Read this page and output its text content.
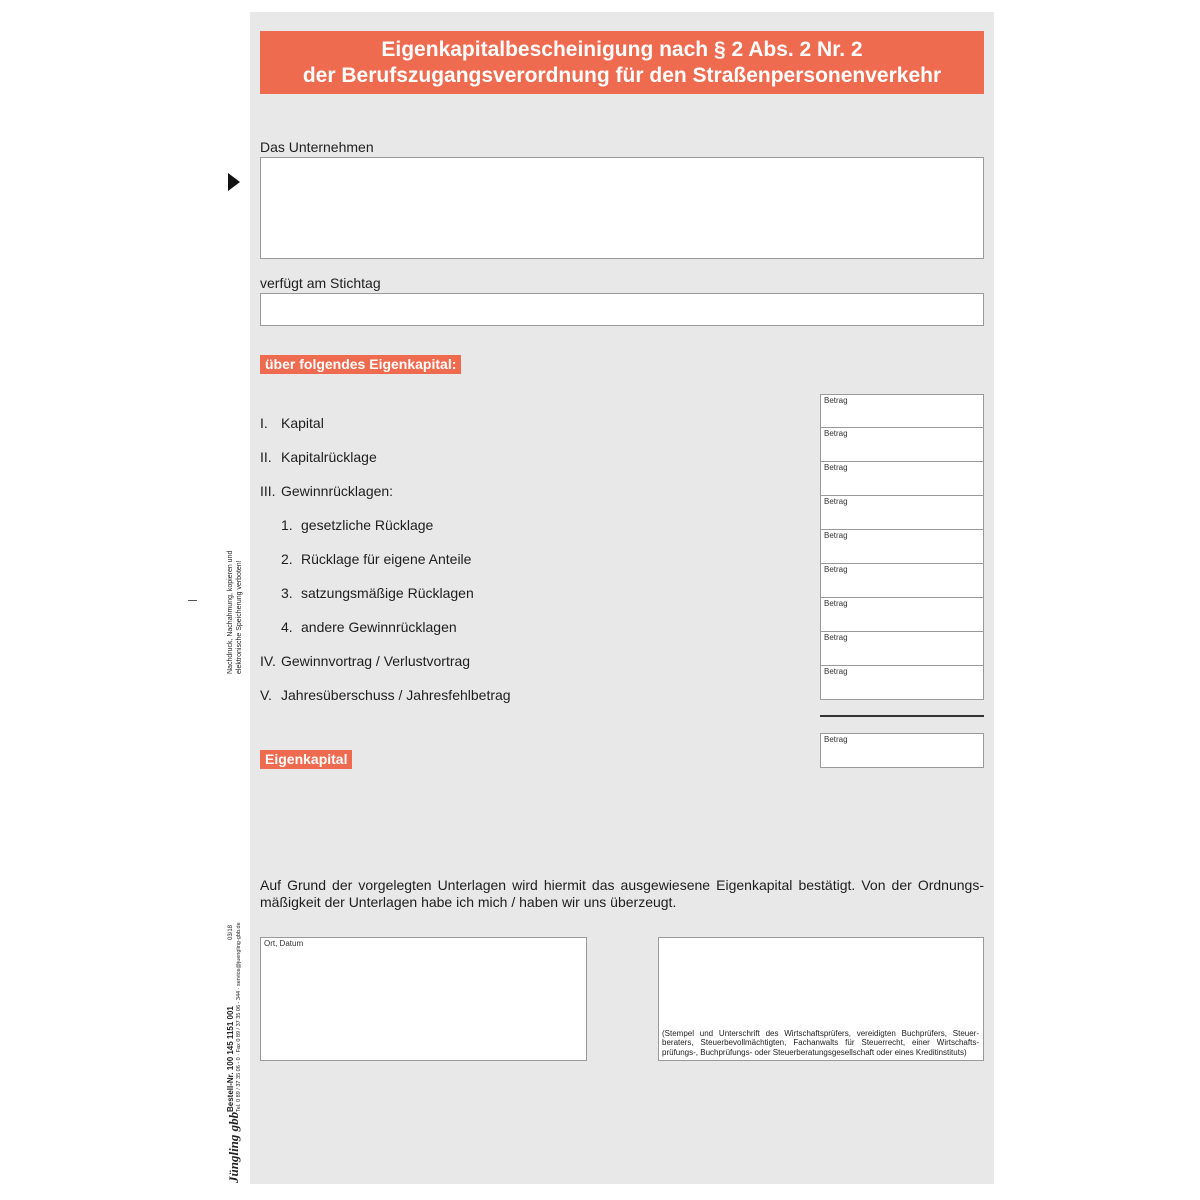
Eigenkapitalbescheinigung nach § 2 Abs. 2 Nr. 2
der Berufszugangsverordnung für den Straßenpersonenverkehr
Das Unternehmen
verfügt am Stichtag
über folgendes Eigenkapital:
I. Kapital
II. Kapitalrücklage
III. Gewinnrücklagen:
1. gesetzliche Rücklage
2. Rücklage für eigene Anteile
3. satzungsmäßige Rücklagen
4. andere Gewinnrücklagen
IV. Gewinnvortrag / Verlustvortrag
V. Jahresüberschuss / Jahresfehlbetrag
Betrag
Betrag
Betrag
Betrag
Betrag
Betrag
Betrag
Betrag
Betrag
Betrag
Eigenkapital
Auf Grund der vorgelegten Unterlagen wird hiermit das ausgewiesene Eigenkapital bestätigt. Von der Ordnungs-mäßigkeit der Unterlagen habe ich mich / haben wir uns überzeugt.
Ort, Datum
(Stempel und Unterschrift des Wirtschaftsprüfers, vereidigten Buchprüfers, Steuer-beraters, Steuerbevollmächtigten, Fachanwalts für Steuerrecht, einer Wirtschafts-prüfungs-, Buchprüfungs- oder Steuerberatungsgesellschaft oder eines Kreditinstituts)
Nachdruck, Nachahmung, kopieren und elektronische Speicherung verboten!
Jüngling gbb
Bestell-Nr. 100 145 1151 001 Tel. 0 89 / 37 35 06 - 0 · Fax 0 89 / 37 35 06 - 344 · service@juengling-gbb.de
03/18
